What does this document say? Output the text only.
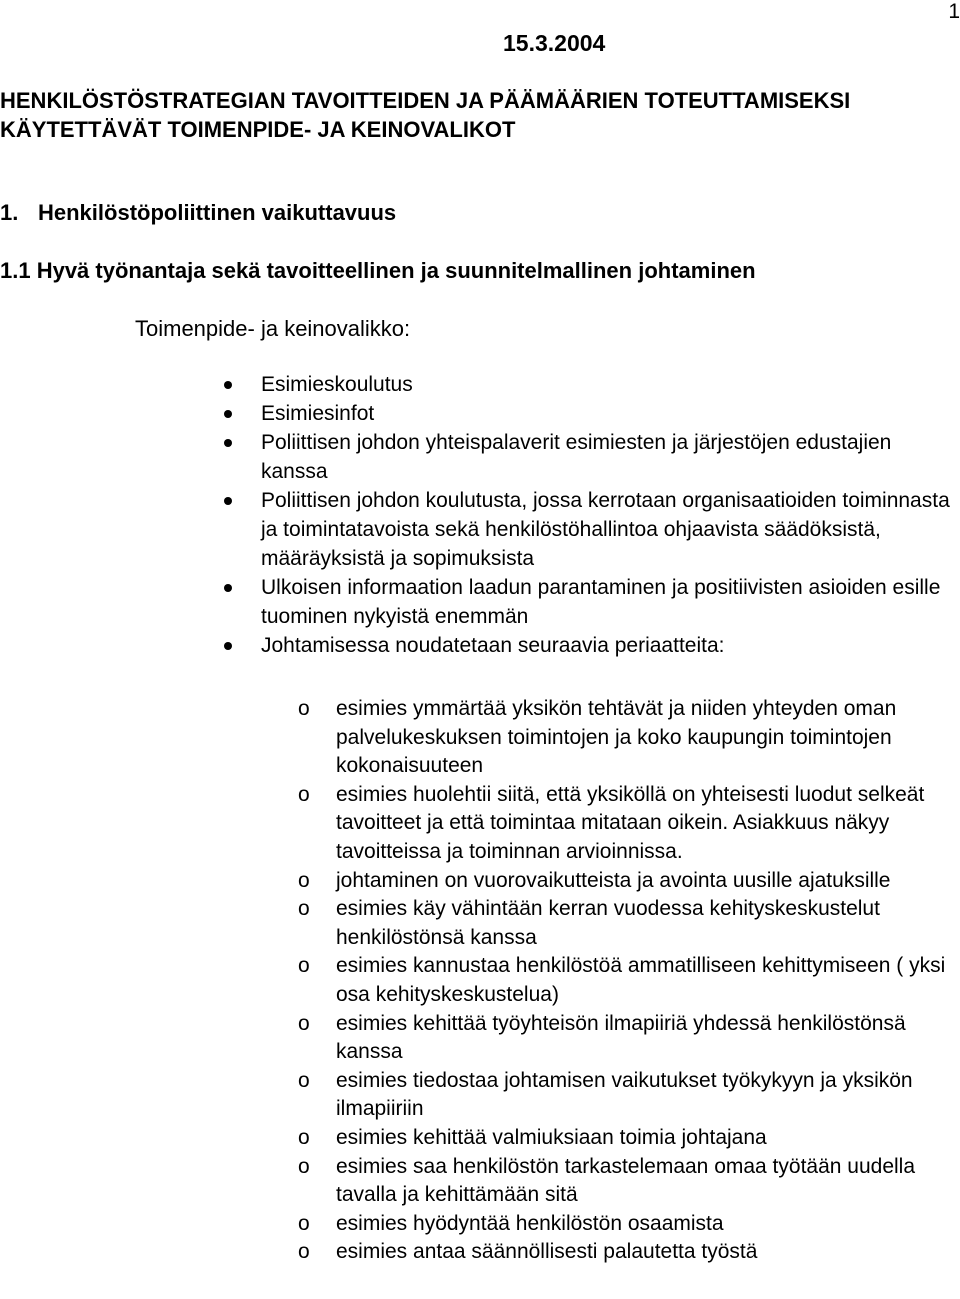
1
15.3.2004
HENKILÖSTÖSTRATEGIAN TAVOITTEIDEN JA PÄÄMÄÄRIEN TOTEUTTAMISEKSI KÄYTETTÄVÄT TOIMENPIDE- JA KEINOVALIKOT
1. Henkilöstöpoliittinen vaikuttavuus
1.1 Hyvä työnantaja sekä tavoitteellinen ja suunnitelmallinen johtaminen
Toimenpide- ja keinovalikko:
Esimieskoulutus
Esimiesinfot
Poliittisen johdon yhteispalaverit esimiesten ja järjestöjen edustajien kanssa
Poliittisen johdon koulutusta, jossa kerrotaan organisaatioiden toiminnasta ja toimintatavoista sekä henkilöstöhallintoa ohjaavista säädöksistä, määräyksistä ja sopimuksista
Ulkoisen informaation laadun parantaminen ja positiivisten asioiden esille tuominen nykyistä enemmän
Johtamisessa noudatetaan seuraavia periaatteita:
o esimies ymmärtää yksikön tehtävät ja niiden yhteyden oman palvelukeskuksen toimintojen ja koko kaupungin toimintojen kokonaisuuteen
o esimies huolehtii siitä, että yksiköllä on yhteisesti luodut selkeät tavoitteet ja että toimintaa mitataan oikein. Asiakkuus näkyy tavoitteissa ja toiminnan arvioinnissa.
o johtaminen on vuorovaikutteista ja avointa uusille ajatuksille
o esimies käy vähintään kerran vuodessa kehityskeskustelut henkilöstönsä kanssa
o esimies kannustaa henkilöstöä ammatilliseen kehittymiseen ( yksi osa kehityskeskustelua)
o esimies kehittää työyhteisön ilmapiiriä yhdessä henkilöstönsä kanssa
o esimies tiedostaa johtamisen vaikutukset työkykyyn ja yksikön ilmapiiriin
o esimies kehittää valmiuksiaan toimia johtajana
o esimies saa henkilöstön tarkastelemaan omaa työtään uudella tavalla ja kehittämään sitä
o esimies hyödyntää henkilöstön osaamista
o esimies antaa säännöllisesti palautetta työstä
